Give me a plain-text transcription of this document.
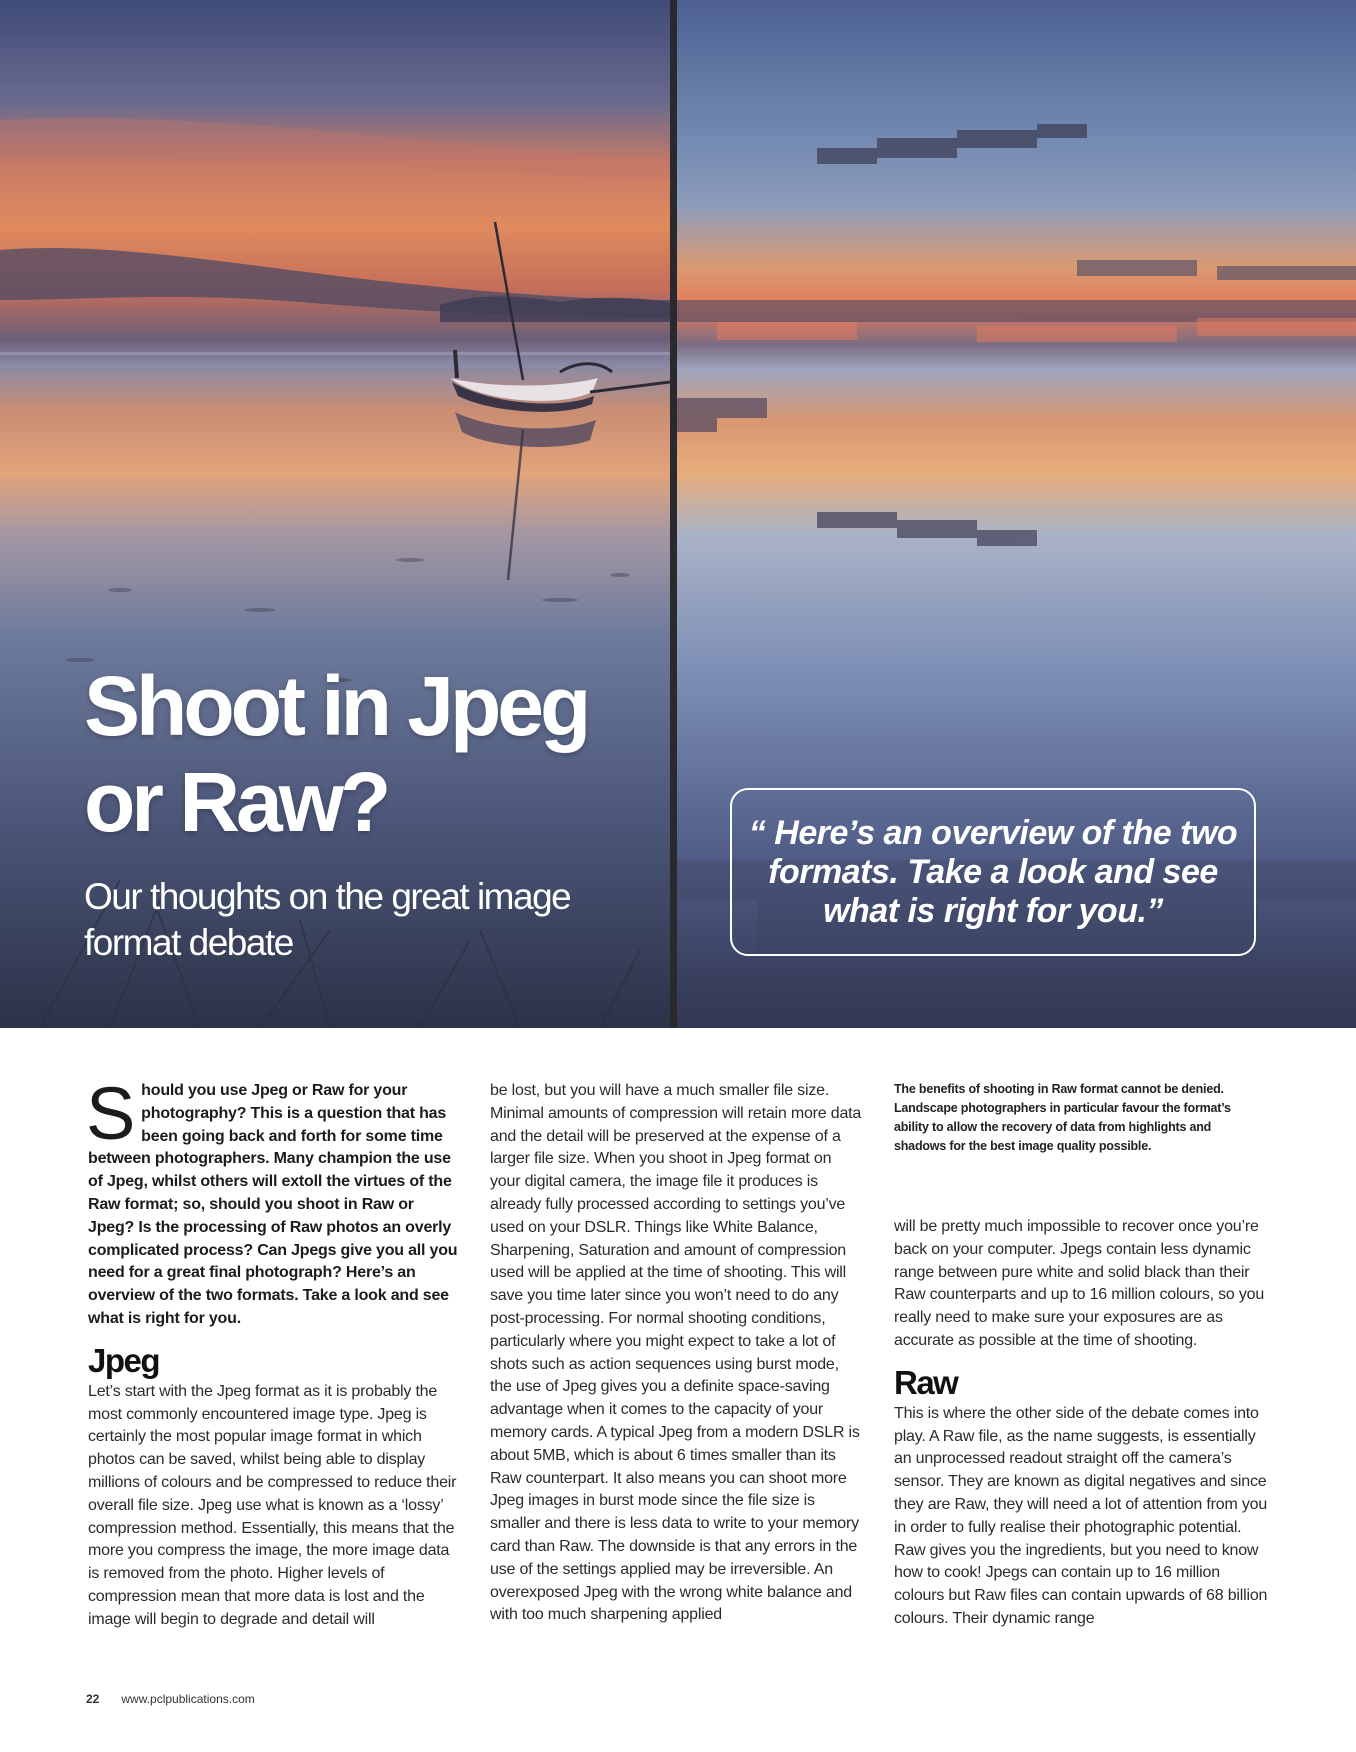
Shoot in Jpeg
or Raw?

Our thoughts on the great image format debate

“ Here’s an overview of the two formats. Take a look and see what is right for you.”

S hould you use Jpeg or Raw for your photography? This is a question that has been going back and forth for some time between photographers. Many champion the use of Jpeg, whilst others will extoll the virtues of the Raw format; so, should you shoot in Raw or Jpeg? Is the processing of Raw photos an overly complicated process? Can Jpegs give you all you need for a great final photograph? Here’s an overview of the two formats. Take a look and see what is right for you.

Jpeg

Let’s start with the Jpeg format as it is probably the most commonly encountered image type. Jpeg is certainly the most popular image format in which photos can be saved, whilst being able to display millions of colours and be compressed to reduce their overall file size. Jpeg use what is known as a ‘lossy’ compression method. Essentially, this means that the more you compress the image, the more image data is removed from the photo. Higher levels of compression mean that more data is lost and the image will begin to degrade and detail will

be lost, but you will have a much smaller file size. Minimal amounts of compression will retain more data and the detail will be preserved at the expense of a larger file size. When you shoot in Jpeg format on your digital camera, the image file it produces is already fully processed according to settings you’ve used on your DSLR. Things like White Balance, Sharpening, Saturation and amount of compression used will be applied at the time of shooting. This will save you time later since you won’t need to do any post-processing. For normal shooting conditions, particularly where you might expect to take a lot of shots such as action sequences using burst mode, the use of Jpeg gives you a definite space-saving advantage when it comes to the capacity of your memory cards. A typical Jpeg from a modern DSLR is about 5MB, which is about 6 times smaller than its Raw counterpart. It also means you can shoot more Jpeg images in burst mode since the file size is smaller and there is less data to write to your memory card than Raw. The downside is that any errors in the use of the settings applied may be irreversible. An overexposed Jpeg with the wrong white balance and with too much sharpening applied

The benefits of shooting in Raw format cannot be denied. Landscape photographers in particular favour the format’s ability to allow the recovery of data from highlights and shadows for the best image quality possible.

will be pretty much impossible to recover once you’re back on your computer. Jpegs contain less dynamic range between pure white and solid black than their Raw counterparts and up to 16 million colours, so you really need to make sure your exposures are as accurate as possible at the time of shooting.

Raw

This is where the other side of the debate comes into play. A Raw file, as the name suggests, is essentially an unprocessed readout straight off the camera’s sensor. They are known as digital negatives and since they are Raw, they will need a lot of attention from you in order to fully realise their photographic potential. Raw gives you the ingredients, but you need to know how to cook! Jpegs can contain up to 16 million colours but Raw files can contain upwards of 68 billion colours. Their dynamic range

22 www.pclpublications.com
